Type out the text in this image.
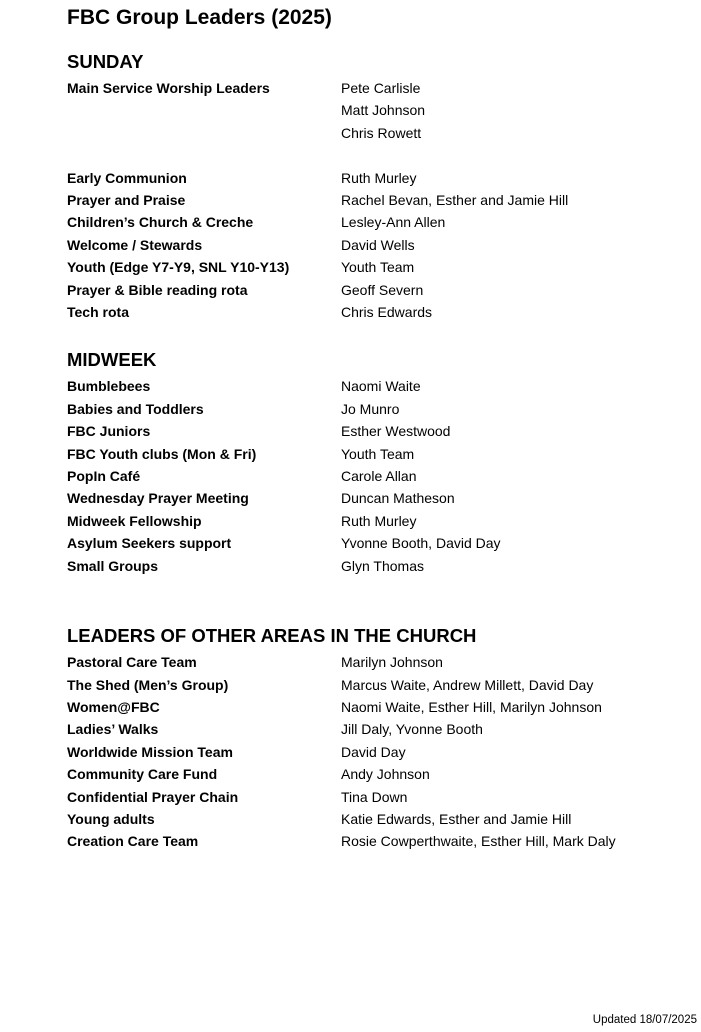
FBC Group Leaders (2025)
SUNDAY
Main Service Worship Leaders	Pete Carlisle
Matt Johnson
Chris Rowett
Early Communion	Ruth Murley
Prayer and Praise	Rachel Bevan, Esther and Jamie Hill
Children’s Church & Creche	Lesley-Ann Allen
Welcome / Stewards	David Wells
Youth (Edge Y7-Y9, SNL Y10-Y13)	Youth Team
Prayer & Bible reading rota	Geoff Severn
Tech rota	Chris Edwards
MIDWEEK
Bumblebees	Naomi Waite
Babies and Toddlers	Jo Munro
FBC Juniors	Esther Westwood
FBC Youth clubs (Mon & Fri)	Youth Team
PopIn Café	Carole Allan
Wednesday Prayer Meeting	Duncan Matheson
Midweek Fellowship	Ruth Murley
Asylum Seekers support	Yvonne Booth, David Day
Small Groups	Glyn Thomas
LEADERS OF OTHER AREAS IN THE CHURCH
Pastoral Care Team	Marilyn Johnson
The Shed (Men’s Group)	Marcus Waite, Andrew Millett, David Day
Women@FBC	Naomi Waite, Esther Hill, Marilyn Johnson
Ladies’ Walks	Jill Daly, Yvonne Booth
Worldwide Mission Team	David Day
Community Care Fund	Andy Johnson
Confidential Prayer Chain	Tina Down
Young adults	Katie Edwards, Esther and Jamie Hill
Creation Care Team	Rosie Cowperthwaite, Esther Hill, Mark Daly
Updated 18/07/2025
